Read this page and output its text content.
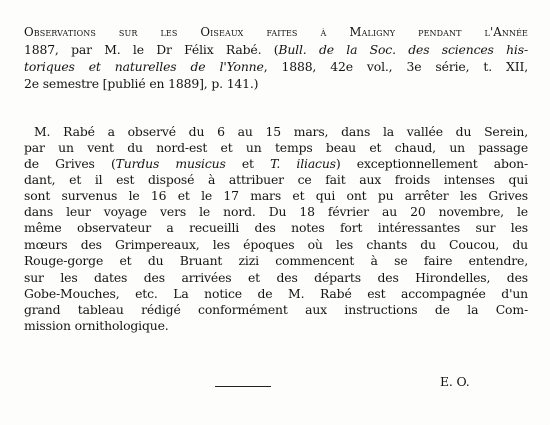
Observations sur les Oiseaux faites à Maligny pendant l'Année
1887, par M. le Dr Félix Rabé. (Bull. de la Soc. des sciences his-
toriques et naturelles de l'Yonne, 1888, 42e vol., 3e série, t. XII,
2e semestre [publié en 1889], p. 141.)
M. Rabé a observé du 6 au 15 mars, dans la vallée du Serein,
par un vent du nord-est et un temps beau et chaud, un passage
de Grives (Turdus musicus et T. iliacus) exceptionnellement abon-
dant, et il est disposé à attribuer ce fait aux froids intenses qui
sont survenus le 16 et le 17 mars et qui ont pu arrêter les Grives
dans leur voyage vers le nord. Du 18 février au 20 novembre, le
même observateur a recueilli des notes fort intéressantes sur les
mœurs des Grimpereaux, les époques où les chants du Coucou, du
Rouge-gorge et du Bruant zizi commencent à se faire entendre,
sur les dates des arrivées et des départs des Hirondelles, des
Gobe-Mouches, etc. La notice de M. Rabé est accompagnée d'un
grand tableau rédigé conformément aux instructions de la Com-
mission ornithologique.
E. O.
